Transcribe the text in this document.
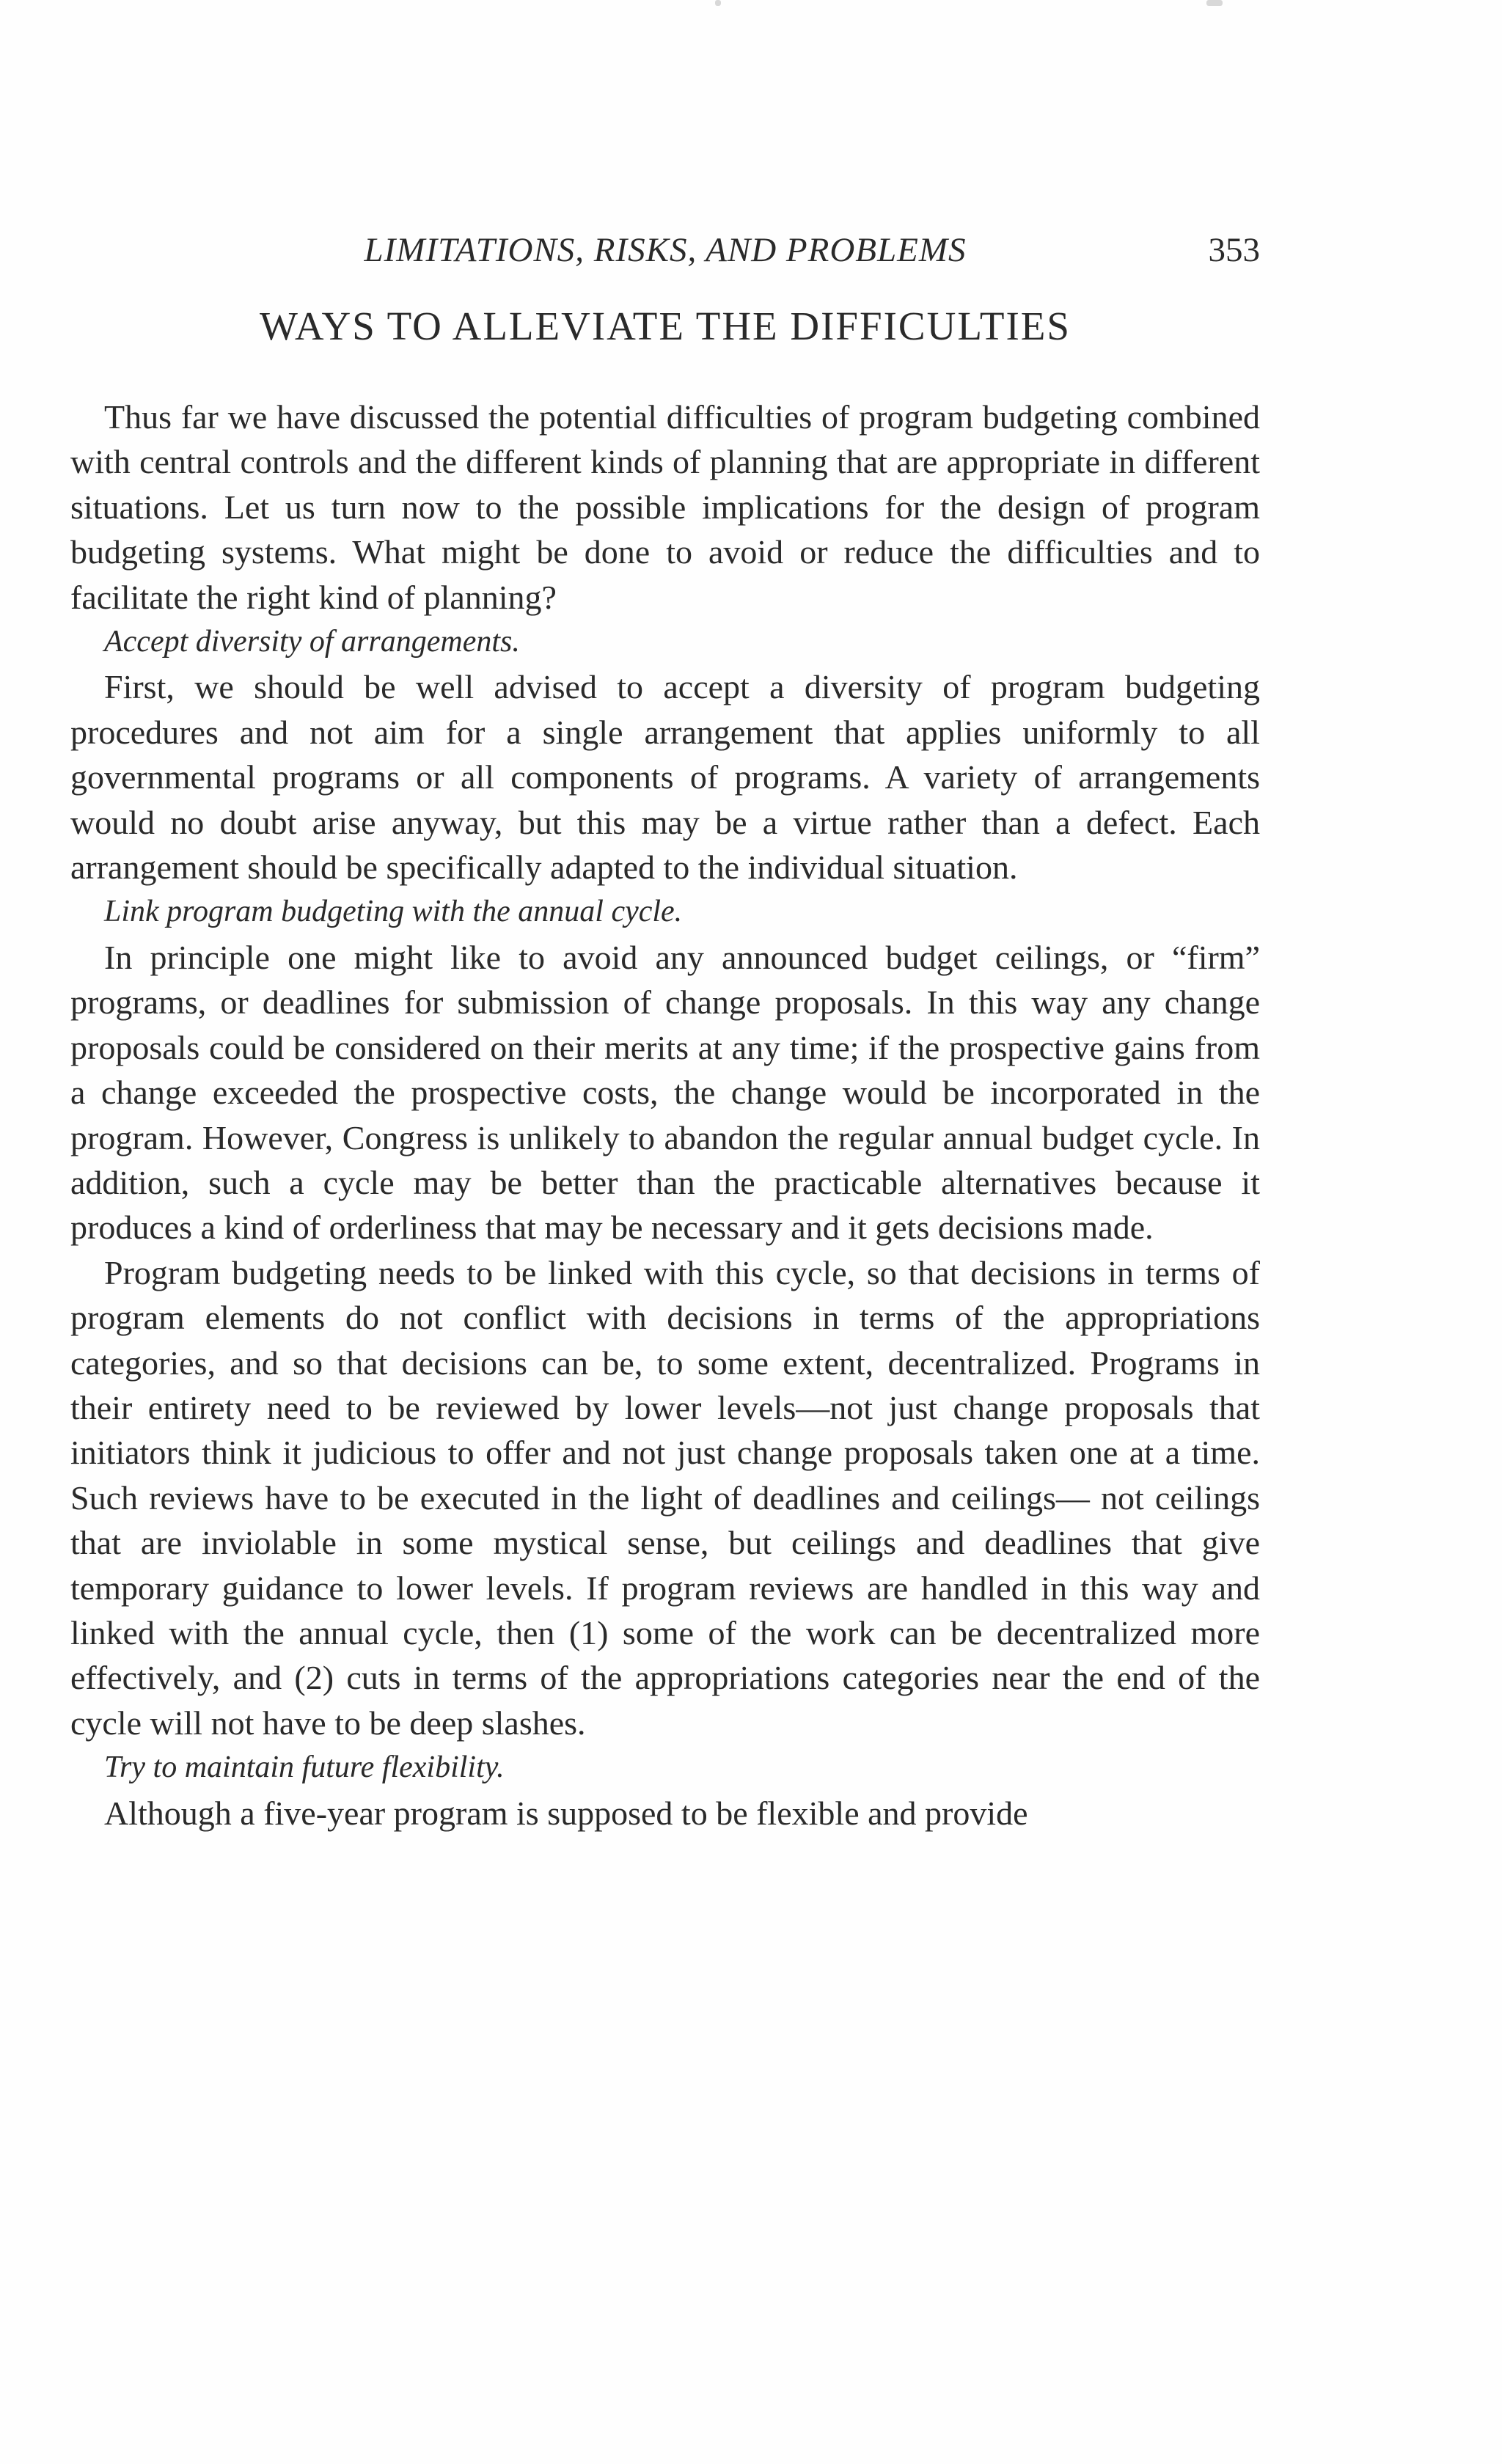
LIMITATIONS, RISKS, AND PROBLEMS	353
WAYS TO ALLEVIATE THE DIFFICULTIES

Thus far we have discussed the potential difficulties of program budgeting combined with central controls and the different kinds of planning that are appropriate in different situations. Let us turn now to the possible implications for the design of program budgeting systems. What might be done to avoid or reduce the difficulties and to facilitate the right kind of planning?

Accept diversity of arrangements.

First, we should be well advised to accept a diversity of program budgeting procedures and not aim for a single arrangement that applies uniformly to all governmental programs or all components of programs. A variety of arrangements would no doubt arise anyway, but this may be a virtue rather than a defect. Each arrangement should be specifically adapted to the individual situation.

Link program budgeting with the annual cycle.

In principle one might like to avoid any announced budget ceilings, or “firm” programs, or deadlines for submission of change proposals. In this way any change proposals could be considered on their merits at any time; if the prospective gains from a change exceeded the prospective costs, the change would be incorporated in the program. However, Congress is unlikely to abandon the regular annual budget cycle. In addition, such a cycle may be better than the practicable alternatives because it produces a kind of orderliness that may be necessary and it gets decisions made.

Program budgeting needs to be linked with this cycle, so that decisions in terms of program elements do not conflict with decisions in terms of the appropriations categories, and so that decisions can be, to some extent, decentralized. Programs in their entirety need to be reviewed by lower levels—not just change proposals that initiators think it judicious to offer and not just change proposals taken one at a time. Such reviews have to be executed in the light of deadlines and ceilings— not ceilings that are inviolable in some mystical sense, but ceilings and deadlines that give temporary guidance to lower levels. If program reviews are handled in this way and linked with the annual cycle, then (1) some of the work can be decentralized more effectively, and (2) cuts in terms of the appropriations categories near the end of the cycle will not have to be deep slashes.

Try to maintain future flexibility.

Although a five-year program is supposed to be flexible and provide
